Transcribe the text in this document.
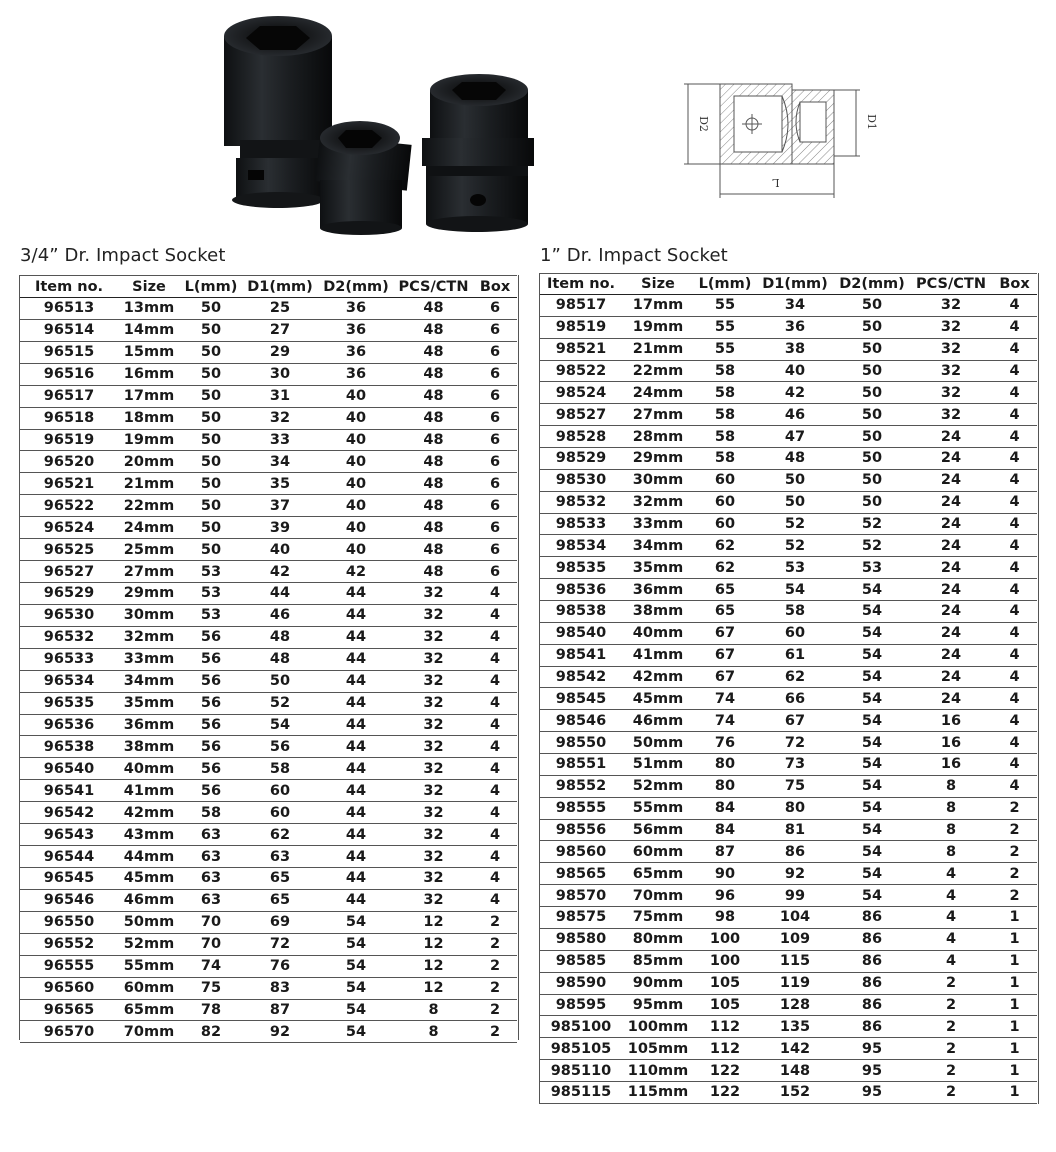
D2	D1
L
3/4” Dr. Impact Socket	1” Dr. Impact Socket
Item no.	Size	L(mm)	D1(mm)	D2(mm)	PCS/CTN	Box
96513	13mm	50	25	36	48	6
96514	14mm	50	27	36	48	6
96515	15mm	50	29	36	48	6
96516	16mm	50	30	36	48	6
96517	17mm	50	31	40	48	6
96518	18mm	50	32	40	48	6
96519	19mm	50	33	40	48	6
96520	20mm	50	34	40	48	6
96521	21mm	50	35	40	48	6
96522	22mm	50	37	40	48	6
96524	24mm	50	39	40	48	6
96525	25mm	50	40	40	48	6
96527	27mm	53	42	42	48	6
96529	29mm	53	44	44	32	4
96530	30mm	53	46	44	32	4
96532	32mm	56	48	44	32	4
96533	33mm	56	48	44	32	4
96534	34mm	56	50	44	32	4
96535	35mm	56	52	44	32	4
96536	36mm	56	54	44	32	4
96538	38mm	56	56	44	32	4
96540	40mm	56	58	44	32	4
96541	41mm	56	60	44	32	4
96542	42mm	58	60	44	32	4
96543	43mm	63	62	44	32	4
96544	44mm	63	63	44	32	4
96545	45mm	63	65	44	32	4
96546	46mm	63	65	44	32	4
96550	50mm	70	69	54	12	2
96552	52mm	70	72	54	12	2
96555	55mm	74	76	54	12	2
96560	60mm	75	83	54	12	2
96565	65mm	78	87	54	8	2
96570	70mm	82	92	54	8	2
Item no.	Size	L(mm)	D1(mm)	D2(mm)	PCS/CTN	Box
98517	17mm	55	34	50	32	4
98519	19mm	55	36	50	32	4
98521	21mm	55	38	50	32	4
98522	22mm	58	40	50	32	4
98524	24mm	58	42	50	32	4
98527	27mm	58	46	50	32	4
98528	28mm	58	47	50	24	4
98529	29mm	58	48	50	24	4
98530	30mm	60	50	50	24	4
98532	32mm	60	50	50	24	4
98533	33mm	60	52	52	24	4
98534	34mm	62	52	52	24	4
98535	35mm	62	53	53	24	4
98536	36mm	65	54	54	24	4
98538	38mm	65	58	54	24	4
98540	40mm	67	60	54	24	4
98541	41mm	67	61	54	24	4
98542	42mm	67	62	54	24	4
98545	45mm	74	66	54	24	4
98546	46mm	74	67	54	16	4
98550	50mm	76	72	54	16	4
98551	51mm	80	73	54	16	4
98552	52mm	80	75	54	8	4
98555	55mm	84	80	54	8	2
98556	56mm	84	81	54	8	2
98560	60mm	87	86	54	8	2
98565	65mm	90	92	54	4	2
98570	70mm	96	99	54	4	2
98575	75mm	98	104	86	4	1
98580	80mm	100	109	86	4	1
98585	85mm	100	115	86	4	1
98590	90mm	105	119	86	2	1
98595	95mm	105	128	86	2	1
985100	100mm	112	135	86	2	1
985105	105mm	112	142	95	2	1
985110	110mm	122	148	95	2	1
985115	115mm	122	152	95	2	1
